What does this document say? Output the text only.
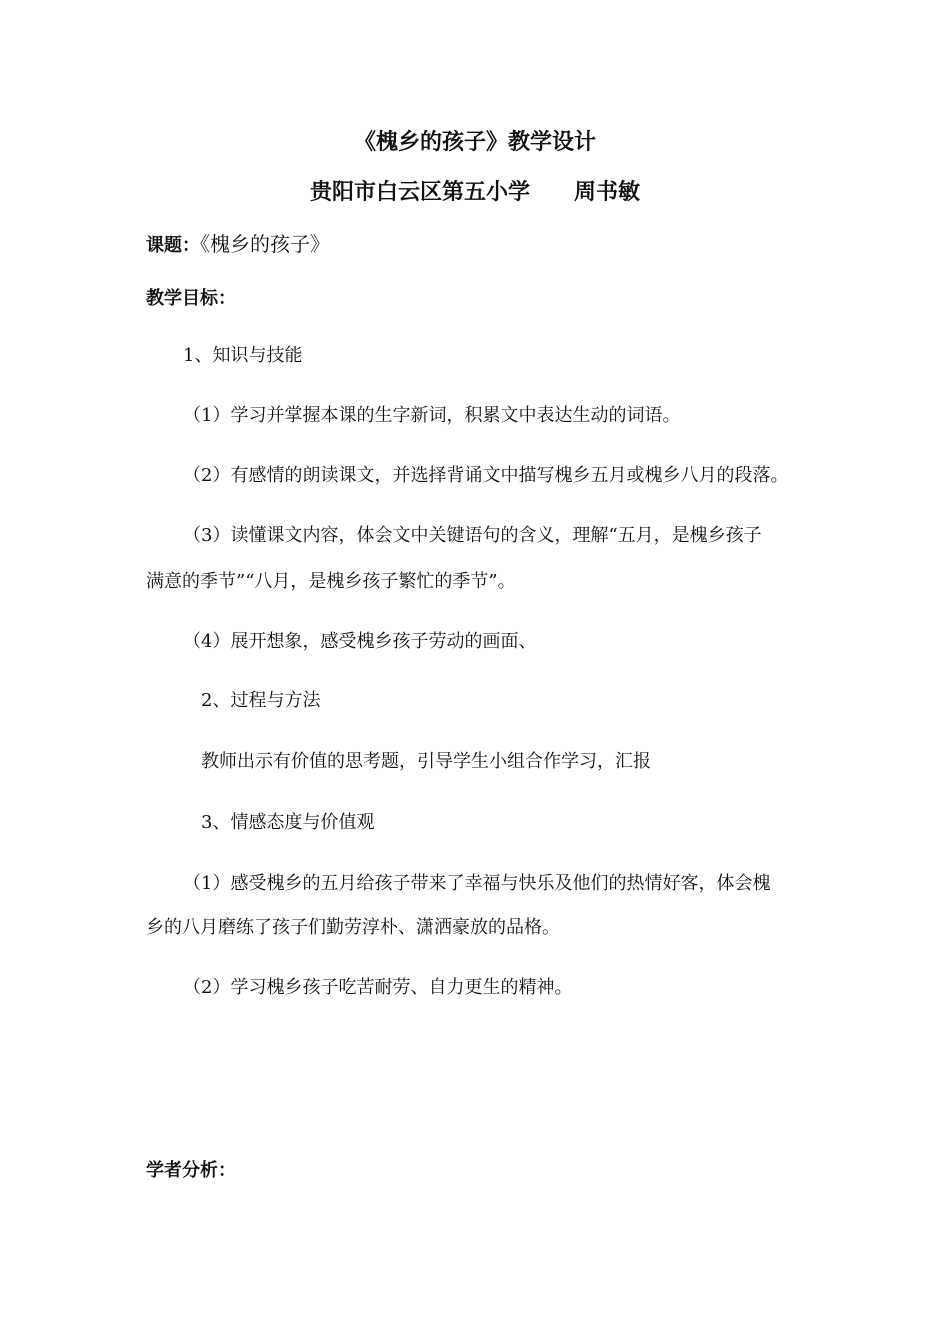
《槐乡的孩子》教学设计
贵阳市白云区第五小学 周书敏
课题：《槐乡的孩子》
教学目标：
1、知识与技能
（1）学习并掌握本课的生字新词，积累文中表达生动的词语。
（2）有感情的朗读课文，并选择背诵文中描写槐乡五月或槐乡八月的段落。
（3）读懂课文内容，体会文中关键语句的含义，理解“五月，是槐乡孩子
满意的季节”“八月，是槐乡孩子繁忙的季节”。
（4）展开想象，感受槐乡孩子劳动的画面、
2、过程与方法
教师出示有价值的思考题，引导学生小组合作学习，汇报
3、情感态度与价值观
（1）感受槐乡的五月给孩子带来了幸福与快乐及他们的热情好客，体会槐
乡的八月磨练了孩子们勤劳淳朴、潇洒豪放的品格。
（2）学习槐乡孩子吃苦耐劳、自力更生的精神。
学者分析：
